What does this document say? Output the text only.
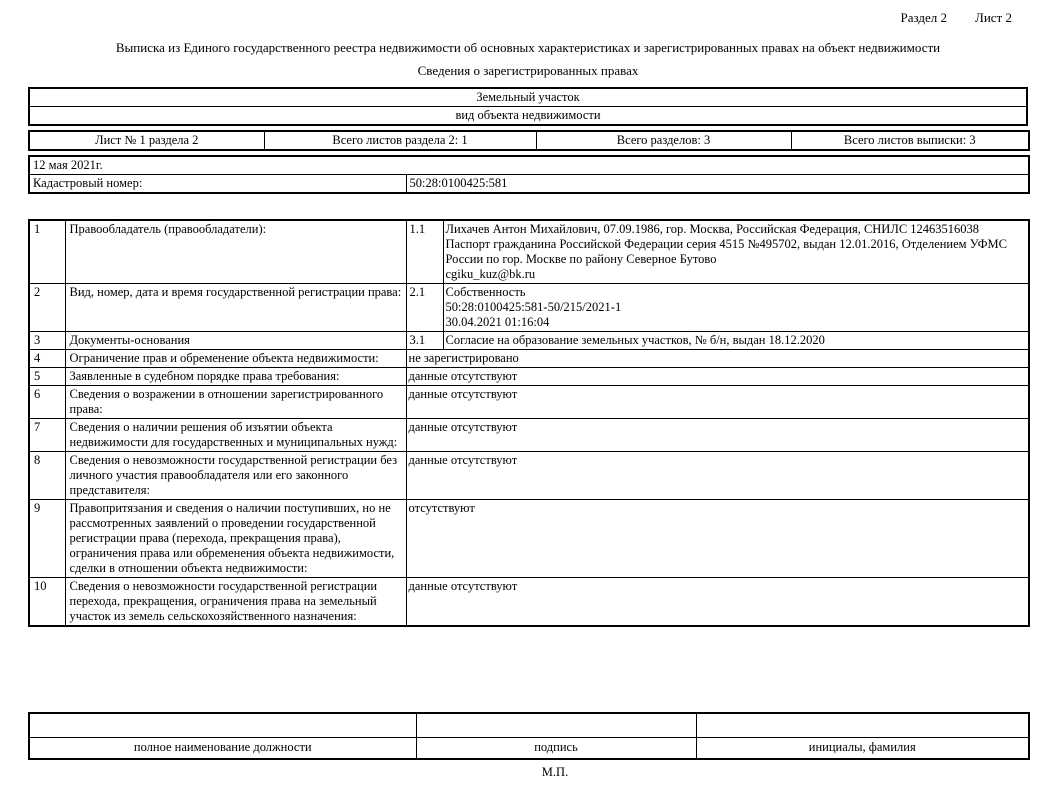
Раздел 2 Лист 2
Выписка из Единого государственного реестра недвижимости об основных характеристиках и зарегистрированных правах на объект недвижимости
Сведения о зарегистрированных правах
Земельный участок
вид объекта недвижимости
Лист № 1 раздела 2	Всего листов раздела 2: 1	Всего разделов: 3	Всего листов выписки: 3
12 мая 2021г.
Кадастровый номер:	50:28:0100425:581
1	Правообладатель (правообладатели):	1.1	Лихачев Антон Михайлович, 07.09.1986, гор. Москва, Российская Федерация, СНИЛС 12463516038 Паспорт гражданина Российской Федерации серия 4515 №495702, выдан 12.01.2016, Отделением УФМС России по гор. Москве по району Северное Бутово
cgiku_kuz@bk.ru

2	Вид, номер, дата и время государственной регистрации права:	2.1	Собственность
50:28:0100425:581-50/215/2021-1
30.04.2021 01:16:04

3	Документы-основания	3.1	Согласие на образование земельных участков, № б/н, выдан 18.12.2020

4	Ограничение прав и обременение объекта недвижимости:	не зарегистрировано	

5	Заявленные в судебном порядке права требования:	данные отсутствуют	

6	Сведения о возражении в отношении зарегистрированного права:	данные отсутствуют	

7	Сведения о наличии решения об изъятии объекта недвижимости для государственных и муниципальных нужд:	данные отсутствуют	

8	Сведения о невозможности государственной регистрации без личного участия правообладателя или его законного представителя:	данные отсутствуют	

9	Правопритязания и сведения о наличии поступивших, но не рассмотренных заявлений о проведении государственной регистрации права (перехода, прекращения права), ограничения права или обременения объекта недвижимости, сделки в отношении объекта недвижимости:	отсутствуют	

10	Сведения о невозможности государственной регистрации перехода, прекращения, ограничения права на земельный участок из земель сельскохозяйственного назначения:	данные отсутствуют	

полное наименование должности	подпись	инициалы, фамилия
М.П.
